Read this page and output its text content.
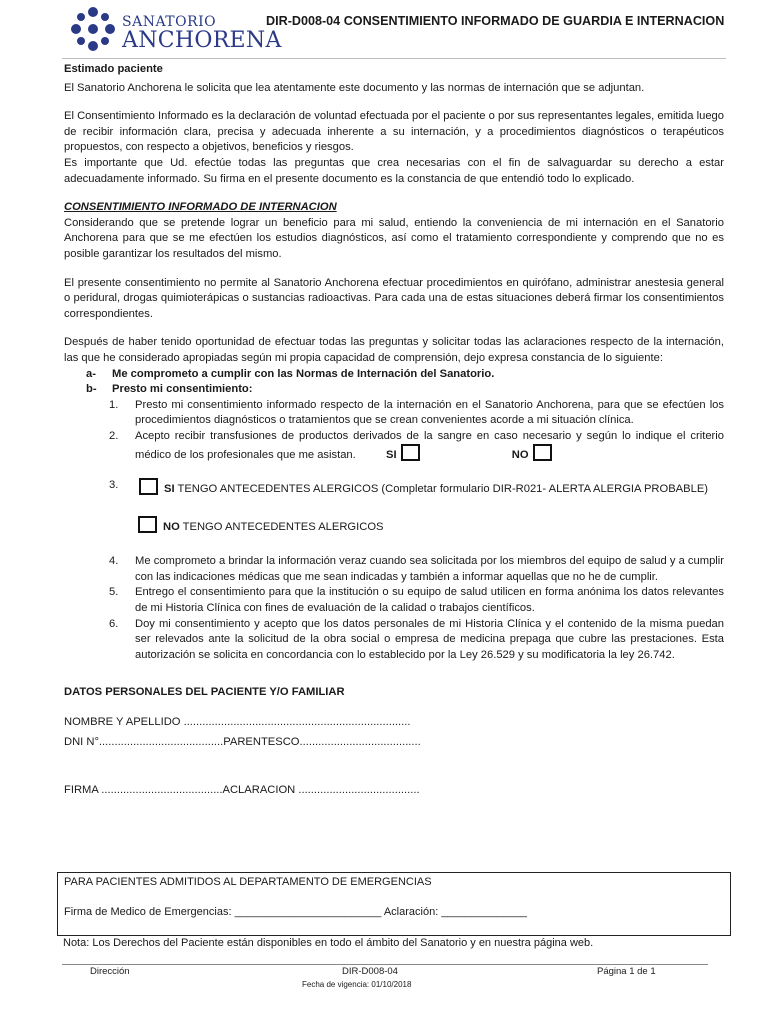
SANATORIO
ANCHORENA
DIR-D008-04 CONSENTIMIENTO INFORMADO DE GUARDIA E INTERNACION

Estimado paciente

El Sanatorio Anchorena le solicita que lea atentamente este documento y las normas de internación que se adjuntan.

El Consentimiento Informado es la declaración de voluntad efectuada por el paciente o por sus representantes legales, emitida luego de recibir información clara, precisa y adecuada inherente a su internación, y a procedimientos diagnósticos o terapéuticos propuestos, con respecto a objetivos, beneficios y riesgos.

Es importante que Ud. efectúe todas las preguntas que crea necesarias con el fin de salvaguardar su derecho a estar adecuadamente informado. Su firma en el presente documento es la constancia de que entendió todo lo explicado.

CONSENTIMIENTO INFORMADO DE INTERNACION

Considerando que se pretende lograr un beneficio para mi salud, entiendo la conveniencia de mi internación en el Sanatorio Anchorena para que se me efectúen los estudios diagnósticos, así como el tratamiento correspondiente y comprendo que no es posible garantizar los resultados del mismo.

El presente consentimiento no permite al Sanatorio Anchorena efectuar procedimientos en quirófano, administrar anestesia general o peridural, drogas quimioterápicas o sustancias radioactivas. Para cada una de estas situaciones deberá firmar los consentimientos correspondientes.

Después de haber tenido oportunidad de efectuar todas las preguntas y solicitar todas las aclaraciones respecto de la internación, las que he considerado apropiadas según mi propia capacidad de comprensión, dejo expresa constancia de lo siguiente:

a-	Me comprometo a cumplir con las Normas de Internación del Sanatorio.
b-	Presto mi consentimiento:
1.	Presto mi consentimiento informado respecto de la internación en el Sanatorio Anchorena, para que se efectúen los procedimientos diagnósticos o tratamientos que se crean convenientes acorde a mi situación clínica.
2.	Acepto recibir transfusiones de productos derivados de la sangre en caso necesario y según lo indique el criterio médico de los profesionales que me asistan.	SI	NO
3.	SI TENGO ANTECEDENTES ALERGICOS (Completar formulario DIR-R021- ALERTA ALERGIA PROBABLE)
NO TENGO ANTECEDENTES ALERGICOS
4.	Me comprometo a brindar la información veraz cuando sea solicitada por los miembros del equipo de salud y a cumplir con las indicaciones médicas que me sean indicadas y también a informar aquellas que no he de cumplir.
5.	Entrego el consentimiento para que la institución o su equipo de salud utilicen en forma anónima los datos relevantes de mi Historia Clínica con fines de evaluación de la calidad o trabajos científicos.
6.	Doy mi consentimiento y acepto que los datos personales de mi Historia Clínica y el contenido de la misma puedan ser relevados ante la solicitud de la obra social o empresa de medicina prepaga que cubre las prestaciones. Esta autorización se solicita en concordancia con lo establecido por la Ley 26.529 y su modificatoria la ley 26.742.

DATOS PERSONALES DEL PACIENTE Y/O FAMILIAR

NOMBRE Y APELLIDO .........................................................................

DNI N°........................................PARENTESCO.......................................

FIRMA .......................................ACLARACION .......................................

PARA PACIENTES ADMITIDOS AL DEPARTAMENTO DE EMERGENCIAS
Firma de Medico de Emergencias: ________________________ Aclaración: ______________
Nota: Los Derechos del Paciente están disponibles en todo el ámbito del Sanatorio y en nuestra página web.
Dirección	DIR-D008-04	Página 1 de 1
Fecha de vigencia: 01/10/2018
